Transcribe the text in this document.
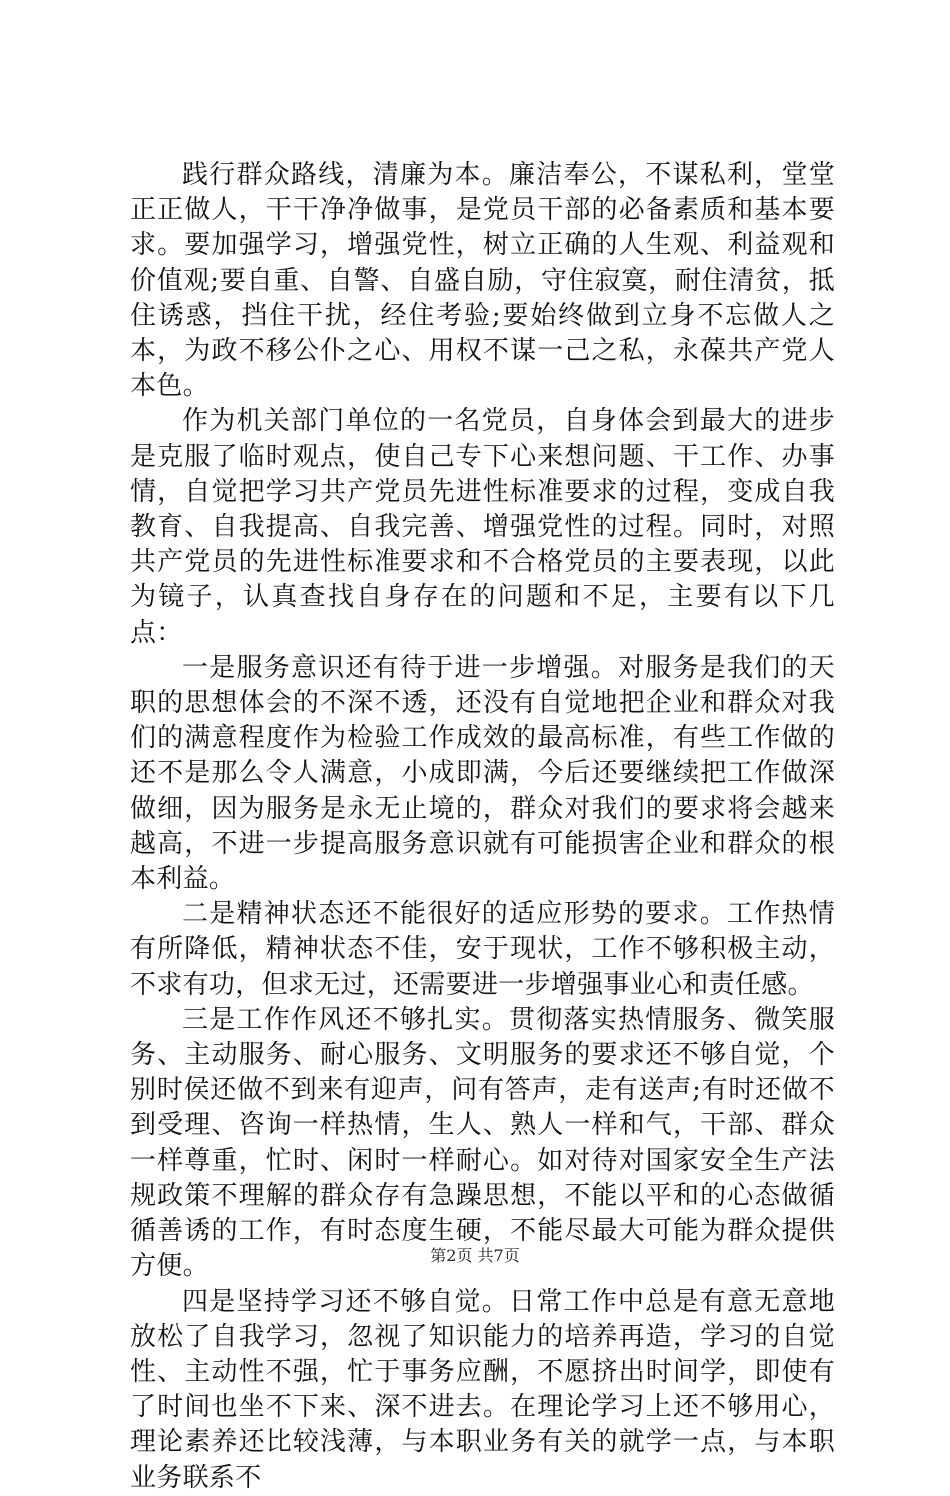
践行群众路线，清廉为本。廉洁奉公，不谋私利，堂堂正正做人，干干净净做事，是党员干部的必备素质和基本要求。要加强学习，增强党性，树立正确的人生观、利益观和价值观;要自重、自警、自盛自励，守住寂寞，耐住清贫，抵住诱惑，挡住干扰，经住考验;要始终做到立身不忘做人之本，为政不移公仆之心、用权不谋一己之私，永葆共产党人本色。

作为机关部门单位的一名党员，自身体会到最大的进步是克服了临时观点，使自己专下心来想问题、干工作、办事情，自觉把学习共产党员先进性标准要求的过程，变成自我教育、自我提高、自我完善、增强党性的过程。同时，对照共产党员的先进性标准要求和不合格党员的主要表现，以此为镜子，认真查找自身存在的问题和不足，主要有以下几点：

一是服务意识还有待于进一步增强。对服务是我们的天职的思想体会的不深不透，还没有自觉地把企业和群众对我们的满意程度作为检验工作成效的最高标准，有些工作做的还不是那么令人满意，小成即满，今后还要继续把工作做深做细，因为服务是永无止境的，群众对我们的要求将会越来越高，不进一步提高服务意识就有可能损害企业和群众的根本利益。

二是精神状态还不能很好的适应形势的要求。工作热情有所降低，精神状态不佳，安于现状，工作不够积极主动，不求有功，但求无过，还需要进一步增强事业心和责任感。

三是工作作风还不够扎实。贯彻落实热情服务、微笑服务、主动服务、耐心服务、文明服务的要求还不够自觉，个别时侯还做不到来有迎声，问有答声，走有送声;有时还做不到受理、咨询一样热情，生人、熟人一样和气，干部、群众一样尊重，忙时、闲时一样耐心。如对待对国家安全生产法规政策不理解的群众存有急躁思想，不能以平和的心态做循循善诱的工作，有时态度生硬，不能尽最大可能为群众提供方便。

四是坚持学习还不够自觉。日常工作中总是有意无意地放松了自我学习，忽视了知识能力的培养再造，学习的自觉性、主动性不强，忙于事务应酬，不愿挤出时间学，即使有了时间也坐不下来、深不进去。在理论学习上还不够用心，理论素养还比较浅薄，与本职业务有关的就学一点，与本职业务联系不

第2页 共7页
